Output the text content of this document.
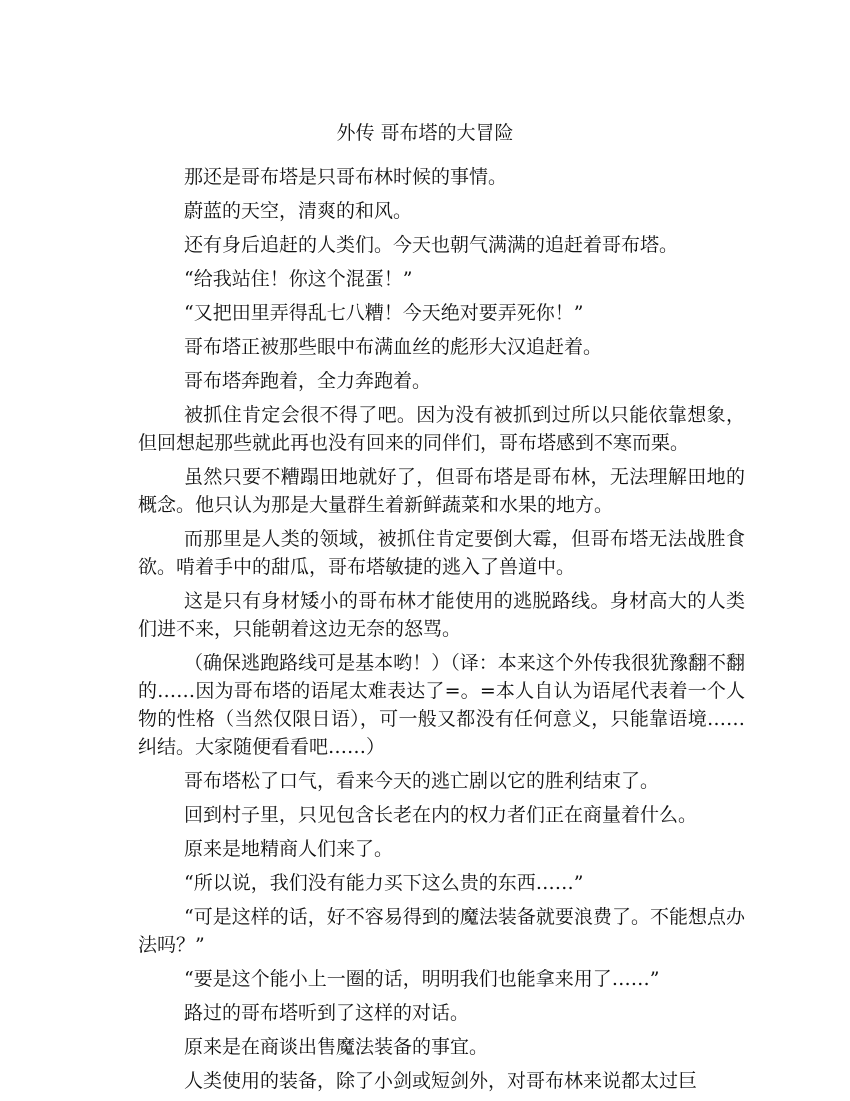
外传 哥布塔的大冒险

那还是哥布塔是只哥布林时候的事情。

蔚蓝的天空，清爽的和风。

还有身后追赶的人类们。今天也朝气满满的追赶着哥布塔。

“给我站住！你这个混蛋！”

“又把田里弄得乱七八糟！今天绝对要弄死你！”

哥布塔正被那些眼中布满血丝的彪形大汉追赶着。

哥布塔奔跑着，全力奔跑着。

被抓住肯定会很不得了吧。因为没有被抓到过所以只能依靠想象，但回想起那些就此再也没有回来的同伴们，哥布塔感到不寒而栗。

虽然只要不糟蹋田地就好了，但哥布塔是哥布林，无法理解田地的概念。他只认为那是大量群生着新鲜蔬菜和水果的地方。

而那里是人类的领域，被抓住肯定要倒大霉，但哥布塔无法战胜食欲。啃着手中的甜瓜，哥布塔敏捷的逃入了兽道中。

这是只有身材矮小的哥布林才能使用的逃脱路线。身材高大的人类们进不来，只能朝着这边无奈的怒骂。

（确保逃跑路线可是基本哟！）（译：本来这个外传我很犹豫翻不翻的……因为哥布塔的语尾太难表达了=。=本人自认为语尾代表着一个人物的性格（当然仅限日语），可一般又都没有任何意义，只能靠语境……纠结。大家随便看看吧……）

哥布塔松了口气，看来今天的逃亡剧以它的胜利结束了。

回到村子里，只见包含长老在内的权力者们正在商量着什么。

原来是地精商人们来了。

“所以说，我们没有能力买下这么贵的东西……”

“可是这样的话，好不容易得到的魔法装备就要浪费了。不能想点办法吗？”

“要是这个能小上一圈的话，明明我们也能拿来用了……”

路过的哥布塔听到了这样的对话。

原来是在商谈出售魔法装备的事宜。

人类使用的装备，除了小剑或短剑外，对哥布林来说都太过巨
